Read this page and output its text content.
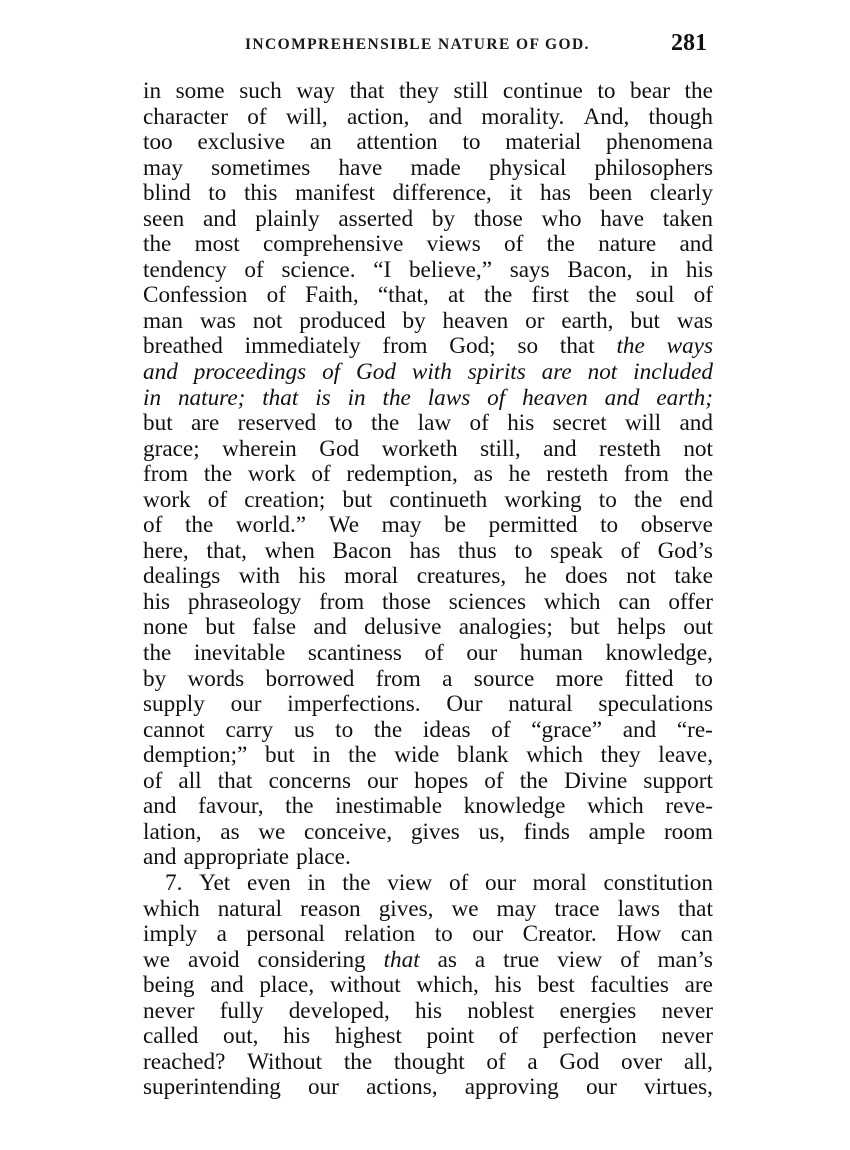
INCOMPREHENSIBLE NATURE OF GOD.	281
in some such way that they still continue to bear the
character of will, action, and morality. And, though
too exclusive an attention to material phenomena
may sometimes have made physical philosophers
blind to this manifest difference, it has been clearly
seen and plainly asserted by those who have taken
the most comprehensive views of the nature and
tendency of science. “I believe,” says Bacon, in his
Confession of Faith, “that, at the first the soul of
man was not produced by heaven or earth, but was
breathed immediately from God; so that the ways
and proceedings of God with spirits are not included
in nature; that is in the laws of heaven and earth;
but are reserved to the law of his secret will and
grace; wherein God worketh still, and resteth not
from the work of redemption, as he resteth from the
work of creation; but continueth working to the end
of the world.” We may be permitted to observe
here, that, when Bacon has thus to speak of God’s
dealings with his moral creatures, he does not take
his phraseology from those sciences which can offer
none but false and delusive analogies; but helps out
the inevitable scantiness of our human knowledge,
by words borrowed from a source more fitted to
supply our imperfections. Our natural speculations
cannot carry us to the ideas of “grace” and “re-
demption;” but in the wide blank which they leave,
of all that concerns our hopes of the Divine support
and favour, the inestimable knowledge which reve-
lation, as we conceive, gives us, finds ample room
and appropriate place.
7. Yet even in the view of our moral constitution
which natural reason gives, we may trace laws that
imply a personal relation to our Creator. How can
we avoid considering that as a true view of man’s
being and place, without which, his best faculties are
never fully developed, his noblest energies never
called out, his highest point of perfection never
reached? Without the thought of a God over all,
superintending our actions, approving our virtues,
